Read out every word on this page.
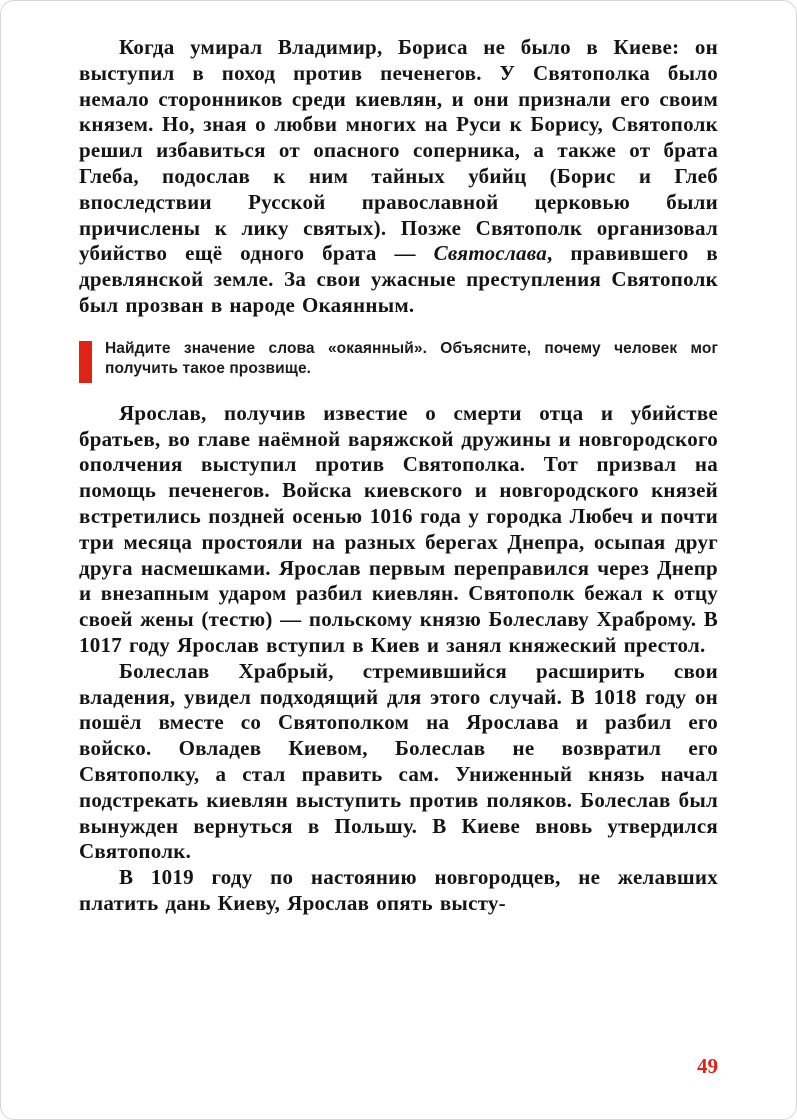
Когда умирал Владимир, Бориса не было в Киеве: он выступил в поход против печенегов. У Святополка было немало сторонников среди киевлян, и они признали его своим князем. Но, зная о любви многих на Руси к Борису, Святополк решил избавиться от опасного соперника, а также от брата Глеба, подослав к ним тайных убийц (Борис и Глеб впоследствии Русской православной церковью были причислены к лику святых). Позже Святополк организовал убийство ещё одного брата — Святослава, правившего в древлянской земле. За свои ужасные преступления Святополк был прозван в народе Окаянным.

Найдите значение слова «окаянный». Объясните, почему человек мог получить такое прозвище.

Ярослав, получив известие о смерти отца и убийстве братьев, во главе наёмной варяжской дружины и новгородского ополчения выступил против Святополка. Тот призвал на помощь печенегов. Войска киевского и новгородского князей встретились поздней осенью 1016 года у городка Любеч и почти три месяца простояли на разных берегах Днепра, осыпая друг друга насмешками. Ярослав первым переправился через Днепр и внезапным ударом разбил киевлян. Святополк бежал к отцу своей жены (тестю) — польскому князю Болеславу Храброму. В 1017 году Ярослав вступил в Киев и занял княжеский престол.

Болеслав Храбрый, стремившийся расширить свои владения, увидел подходящий для этого случай. В 1018 году он пошёл вместе со Святополком на Ярослава и разбил его войско. Овладев Киевом, Болеслав не возвратил его Святополку, а стал править сам. Униженный князь начал подстрекать киевлян выступить против поляков. Болеслав был вынужден вернуться в Польшу. В Киеве вновь утвердился Святополк.

В 1019 году по настоянию новгородцев, не желавших платить дань Киеву, Ярослав опять высту-

49
